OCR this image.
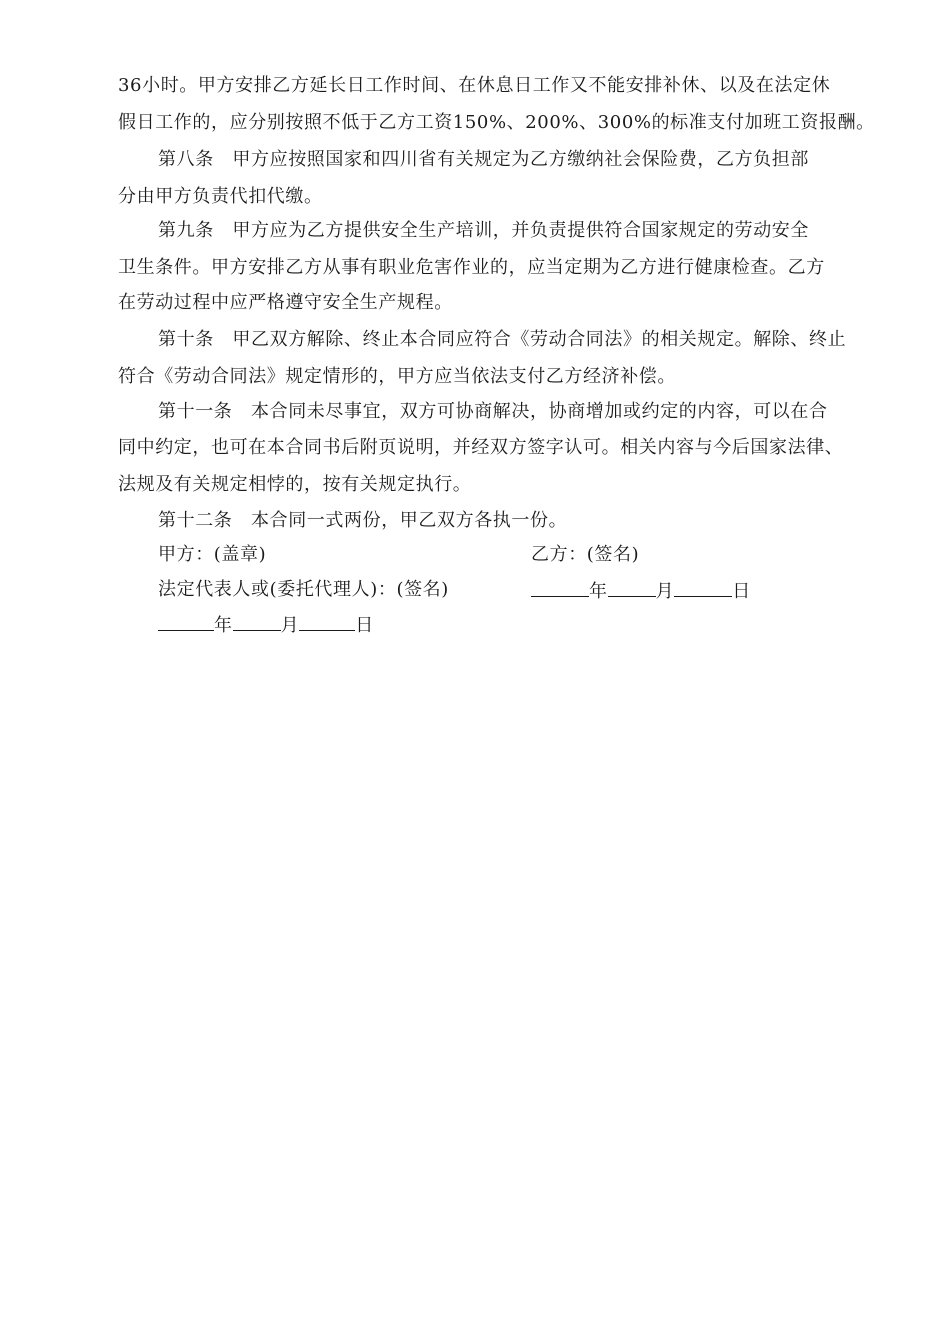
36小时。甲方安排乙方延长日工作时间、在休息日工作又不能安排补休、以及在法定休
假日工作的，应分别按照不低于乙方工资150%、200%、300%的标准支付加班工资报酬。
第八条　甲方应按照国家和四川省有关规定为乙方缴纳社会保险费，乙方负担部
分由甲方负责代扣代缴。
第九条　甲方应为乙方提供安全生产培训，并负责提供符合国家规定的劳动安全
卫生条件。甲方安排乙方从事有职业危害作业的，应当定期为乙方进行健康检查。乙方
在劳动过程中应严格遵守安全生产规程。
第十条　甲乙双方解除、终止本合同应符合《劳动合同法》的相关规定。解除、终止
符合《劳动合同法》规定情形的，甲方应当依法支付乙方经济补偿。
第十一条　本合同未尽事宜，双方可协商解决，协商增加或约定的内容，可以在合
同中约定，也可在本合同书后附页说明，并经双方签字认可。相关内容与今后国家法律、
法规及有关规定相悖的，按有关规定执行。
第十二条　本合同一式两份，甲乙双方各执一份。
甲方：(盖章)	乙方：(签名)
法定代表人或(委托代理人)：(签名)	年	月	日
年	月	日
